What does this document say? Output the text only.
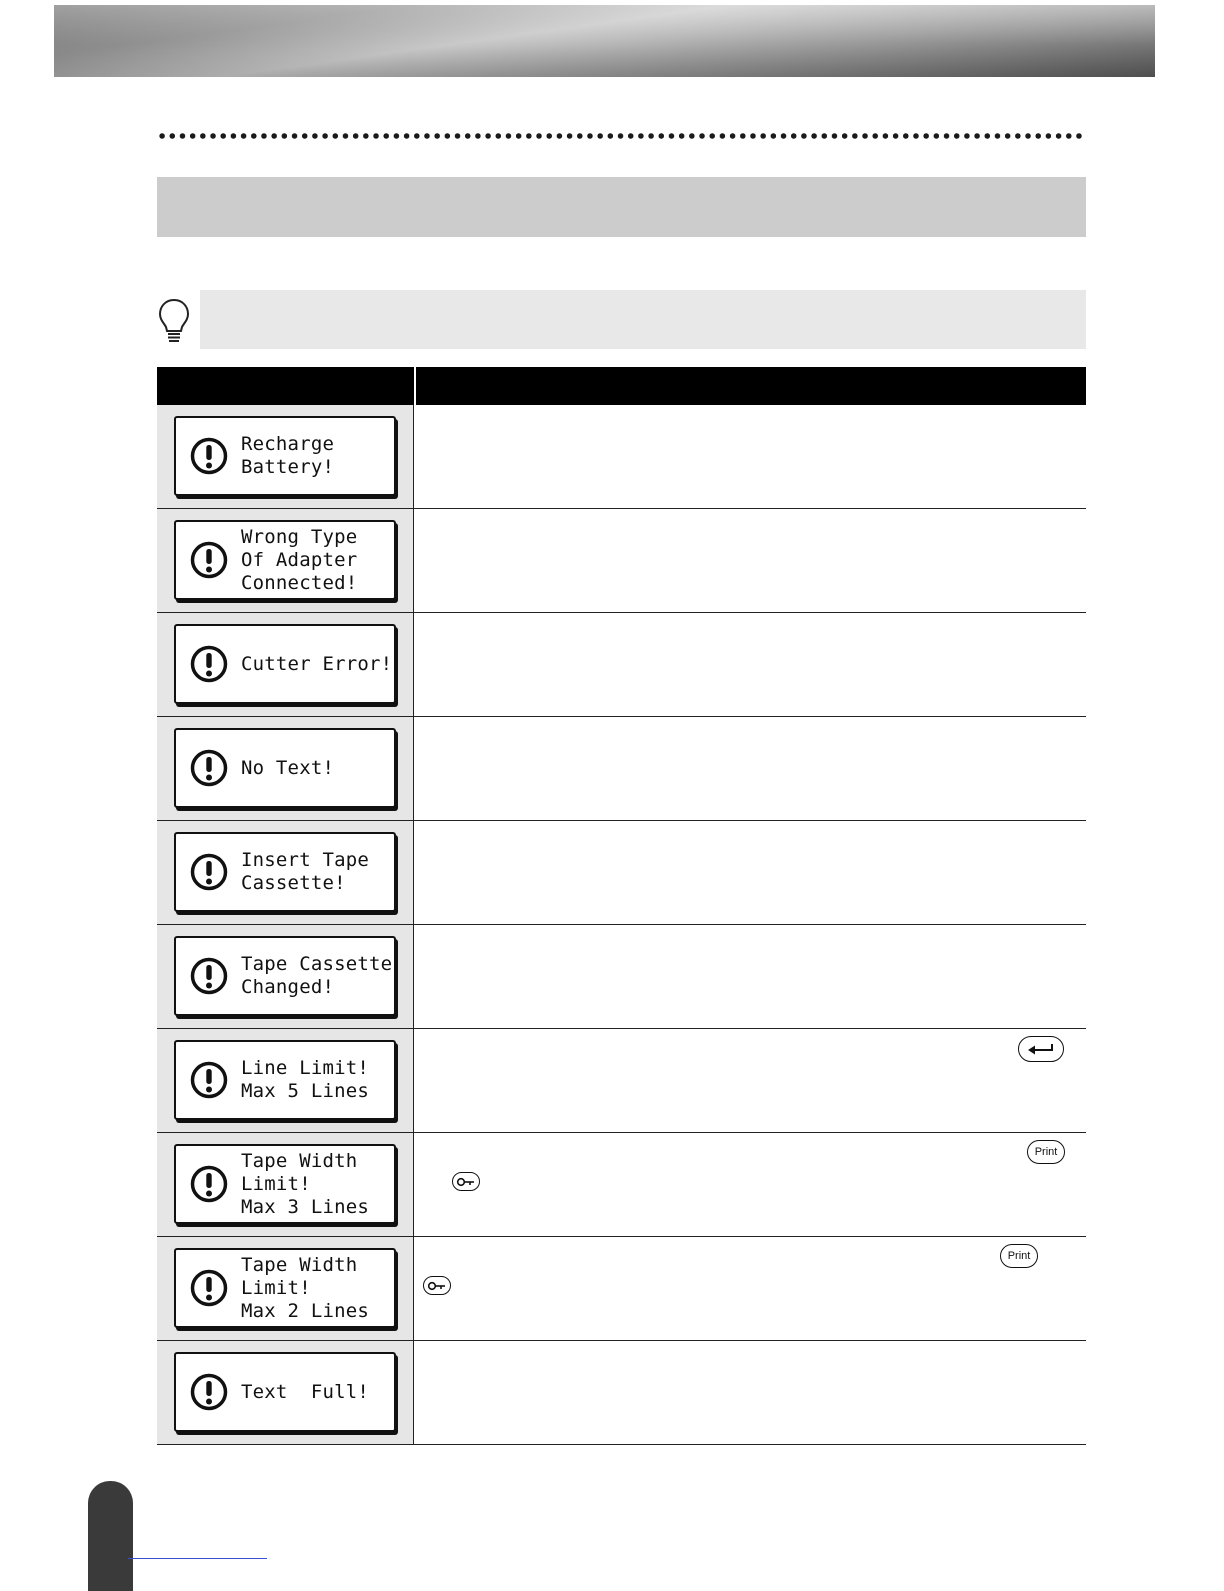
Recharge
Battery!
Wrong Type
Of Adapter
Connected!
Cutter Error!
No Text!
Insert Tape
Cassette!
Tape Cassette
Changed!
Line Limit!
Max 5 Lines
Tape Width
Limit!
Max 3 Lines
Print
Tape Width
Limit!
Max 2 Lines
Print
Text  Full!
